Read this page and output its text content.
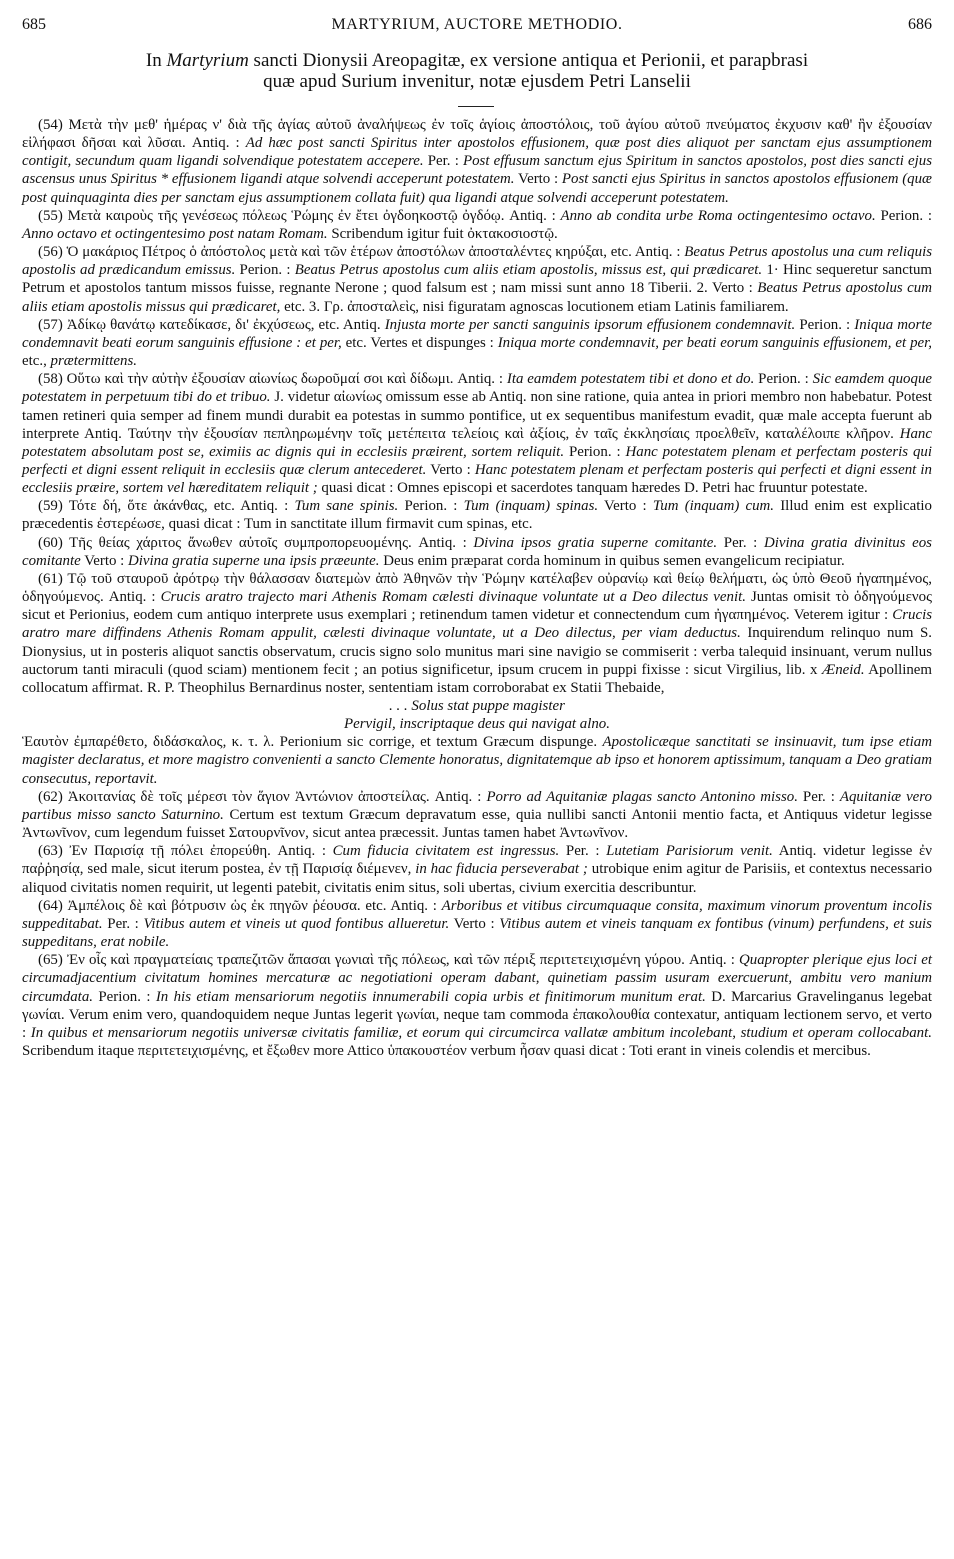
685	MARTYRIUM, AUCTORE METHODIO.	686
In Martyrium sancti Dionysii Areopagitæ, ex versione antiqua et Perionii, et parapbrasi
quæ apud Surium invenitur, notæ ejusdem Petri Lanselii

(54) Μετὰ τὴν μεθ' ἡμέρας ν' διὰ τῆς ἁγίας αὐτοῦ ἀναλήψεως ἐν τοῖς ἁγίοις ἀποστόλοις, τοῦ ἁγίου αὐτοῦ πνεύματος ἐκχυσιν καθ' ἣν ἐξουσίαν εἰλήφασι δῆσαι καὶ λῦσαι. Antiq. : Ad hæc post sancti Spiritus inter apostolos effusionem, quæ post dies aliquot per sanctam ejus assumptionem contigit, secundum quam ligandi solvendique potestatem accepere. Per. : Post effusum sanctum ejus Spiritum in sanctos apostolos, post dies sancti ejus ascensus unus Spiritus * effusionem ligandi atque solvendi acceperunt potestatem. Verto : Post sancti ejus Spiritus in sanctos apostolos effusionem (quæ post quinquaginta dies per sanctam ejus assumptionem collata fuit) qua ligandi atque solvendi acceperunt potestatem.

(55) Μετὰ καιροὺς τῆς γενέσεως πόλεως Ῥώμης ἐν ἔτει ὀγδοηκοστῷ ὀγδόῳ. Antiq. : Anno ab condita urbe Roma octingentesimo octavo. Perion. : Anno octavo et octingentesimo post natam Romam. Scribendum igitur fuit ὀκτακοσιοστῷ.

(56) Ὁ μακάριος Πέτρος ὁ ἀπόστολος μετὰ καὶ τῶν ἑτέρων ἀποστόλων ἀποσταλέντες κηρύξαι, etc. Antiq. : Beatus Petrus apostolus una cum reliquis apostolis ad prædicandum emissus. Perion. : Beatus Petrus apostolus cum aliis etiam apostolis, missus est, qui prædicaret. 1· Hinc sequeretur sanctum Petrum et apostolos tantum missos fuisse, regnante Nerone ; quod falsum est ; nam missi sunt anno 18 Tiberii. 2. Verto : Beatus Petrus apostolus cum aliis etiam apostolis missus qui prædicaret, etc. 3. Γρ. ἀποσταλεὶς, nisi figuratam agnoscas locutionem etiam Latinis familiarem.

(57) Ἀδίκῳ θανάτῳ κατεδίκασε, δι' ἐκχύσεως, etc. Antiq. Injusta morte per sancti sanguinis ipsorum effusionem condemnavit. Perion. : Iniqua morte condemnavit beati eorum sanguinis effusione : et per, etc. Vertes et dispunges : Iniqua morte condemnavit, per beati eorum sanguinis effusionem, et per, etc., prætermittens.

(58) Οὕτω καὶ τὴν αὐτὴν ἐξουσίαν αἰωνίως δωροῦμαί σοι καὶ δίδωμι. Antiq. : Ita eamdem potestatem tibi et dono et do. Perion. : Sic eamdem quoque potestatem in perpetuum tibi do et tribuo. J. videtur αἰωνίως omissum esse ab Antiq. non sine ratione, quia antea in priori membro non habebatur. Potest tamen retineri quia semper ad finem mundi durabit ea potestas in summo pontifice, ut ex sequentibus manifestum evadit, quæ male accepta fuerunt ab interprete Antiq. Ταύτην τὴν ἐξουσίαν πεπληρωμένην τοῖς μετέπειτα τελείοις καὶ ἀξίοις, ἐν ταῖς ἐκκλησίαις προελθεῖν, καταλέλοιπε κλῆρον. Hanc potestatem absolutam post se, eximiis ac dignis qui in ecclesiis præirent, sortem reliquit. Perion. : Hanc potestatem plenam et perfectam posteris qui perfecti et digni essent reliquit in ecclesiis quæ clerum antecederet. Verto : Hanc potestatem plenam et perfectam posteris qui perfecti et digni essent in ecclesiis præire, sortem vel hæreditatem reliquit ; quasi dicat : Omnes episcopi et sacerdotes tanquam hæredes D. Petri hac fruuntur potestate.

(59) Τότε δή, ὅτε ἀκάνθας, etc. Antiq. : Tum sane spinis. Perion. : Tum (inquam) spinas. Verto : Tum (inquam) cum. Illud enim est explicatio præcedentis ἐστερέωσε, quasi dicat : Tum in sanctitate illum firmavit cum spinas, etc.

(60) Τῆς θείας χάριτος ἄνωθεν αὐτοῖς συμπροπορευομένης. Antiq. : Divina ipsos gratia superne comitante. Per. : Divina gratia divinitus eos comitante Verto : Divina gratia superne una ipsis præeunte. Deus enim præparat corda hominum in quibus semen evangelicum recipiatur.

(61) Τῷ τοῦ σταυροῦ ἀρότρῳ τὴν θάλασσαν διατεμὼν ἀπὸ Ἀθηνῶν τὴν Ῥώμην κατέλαβεν οὐρανίῳ καὶ θείῳ θελήματι, ὡς ὑπὸ Θεοῦ ἠγαπημένος, ὁδηγούμενος. Antiq. : Crucis aratro trajecto mari Athenis Romam cælesti divinaque voluntate ut a Deo dilectus venit. Juntas omisit τὸ ὁδηγούμενος sicut et Perionius, eodem cum antiquo interprete usus exemplari ; retinendum tamen videtur et connectendum cum ἠγαπημένος. Veterem igitur : Crucis aratro mare diffindens Athenis Romam appulit, cælesti divinaque voluntate, ut a Deo dilectus, per viam deductus. Inquirendum relinquo num S. Dionysius, ut in posteris aliquot sanctis observatum, crucis signo solo munitus mari sine navigio se commiserit : verba talequid insinuant, verum nullus auctorum tanti miraculi (quod sciam) mentionem fecit ; an potius significetur, ipsum crucem in puppi fixisse : sicut Virgilius, lib. x Æneid. Apollinem collocatum affirmat. R. P. Theophilus Bernardinus noster, sententiam istam corroborabat ex Statii Thebaide,

. . . Solus stat puppe magister

Pervigil, inscriptaque deus qui navigat alno.

Ἑαυτὸν ἐμπαρέθετο, διδάσκαλος, κ. τ. λ. Perionium sic corrige, et textum Græcum dispunge. Apostolicæque sanctitati se insinuavit, tum ipse etiam magister declaratus, et more magistro convenienti a sancto Clemente honoratus, dignitatemque ab ipso et honorem aptissimum, tanquam a Deo gratiam consecutus, reportavit.

(62) Ἀκοιτανίας δὲ τοῖς μέρεσι τὸν ἅγιον Ἀντώνιον ἀποστείλας. Antiq. : Porro ad Aquitaniæ plagas sancto Antonino misso. Per. : Aquitaniæ vero partibus misso sancto Saturnino. Certum est textum Græcum depravatum esse, quia nullibi sancti Antonii mentio facta, et Antiquus videtur legisse Ἀντωνῖνον, cum legendum fuisset Σατουρνῖνον, sicut antea præcessit. Juntas tamen habet Ἀντωνῖνον.

(63) Ἐν Παρισίᾳ τῇ πόλει ἐπορεύθη. Antiq. : Cum fiducia civitatem est ingressus. Per. : Lutetiam Parisiorum venit. Antiq. videtur legisse ἐν παῤῥησίᾳ, sed male, sicut iterum postea, ἐν τῇ Παρισίᾳ διέμενεν, in hac fiducia perseverabat ; utrobique enim agitur de Parisiis, et contextus necessario aliquod civitatis nomen requirit, ut legenti patebit, civitatis enim situs, soli ubertas, civium exercitia describuntur.

(64) Ἀμπέλοις δὲ καὶ βότρυσιν ὡς ἐκ πηγῶν ῥέουσα. etc. Antiq. : Arboribus et vitibus circumquaque consita, maximum vinorum proventum incolis suppeditabat. Per. : Vitibus autem et vineis ut quod fontibus allueretur. Verto : Vitibus autem et vineis tanquam ex fontibus (vinum) perfundens, et suis suppeditans, erat nobile.

(65) Ἐν οἷς καὶ πραγματείαις τραπεζιτῶν ἅπασαι γωνιαὶ τῆς πόλεως, καὶ τῶν πέριξ περιτετειχισμένη γύρου. Antiq. : Quapropter plerique ejus loci et circumadjacentium civitatum homines mercaturæ ac negotiationi operam dabant, quinetiam passim usuram exercuerunt, ambitu vero manium circumdata. Perion. : In his etiam mensariorum negotiis innumerabili copia urbis et finitimorum munitum erat. D. Marcarius Gravelinganus legebat γωνίαι. Verum enim vero, quandoquidem neque Juntas legerit γωνίαι, neque tam commoda ἐπακολουθία contexatur, antiquam lectionem servo, et verto : In quibus et mensariorum negotiis universæ civitatis familiæ, et eorum qui circumcirca vallatæ ambitum incolebant, studium et operam collocabant. Scribendum itaque περιτετειχισμένης, et ἔξωθεν more Attico ὑπακουστέον verbum ἦσαν quasi dicat : Toti erant in vineis colendis et mercibus.
